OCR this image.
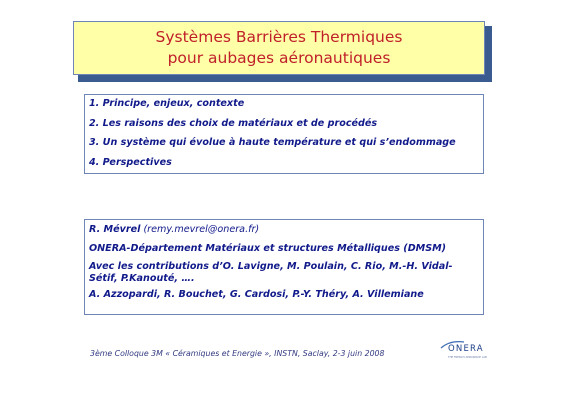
Systèmes Barrières Thermiques
pour aubages aéronautiques
1. Principe, enjeux, contexte
2. Les raisons des choix de matériaux et de procédés
3. Un système qui évolue à haute température et qui s’endommage
4. Perspectives
R. Mévrel (remy.mevrel@onera.fr)
ONERA-Département Matériaux et structures Métalliques (DMSM)
Avec les contributions d’O. Lavigne, M. Poulain, C. Rio, M.-H. Vidal-Sétif, P.Kanouté, ….
A. Azzopardi, R. Bouchet, G. Cardosi, P.-Y. Théry, A. Villemiane
3ème Colloque 3M « Céramiques et Energie », INSTN, Saclay, 2-3 juin 2008	ONERA
THE FRENCH AEROSPACE LAB
